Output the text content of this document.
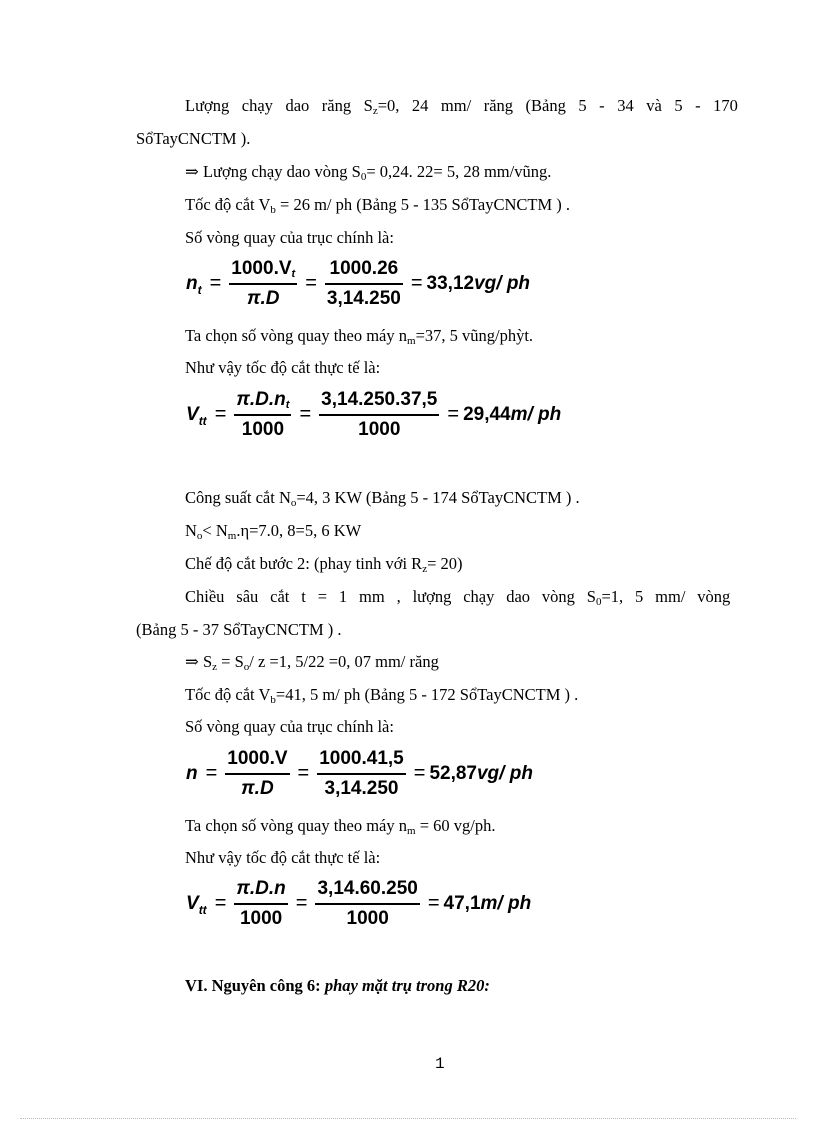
Lượng chạy dao răng $S_z=0$, 24 mm/ răng (Bảng 5 - 34 và 5 - 170
SổTayCNCTM ).
⇒ Lượng chạy dao vòng $S_0= 0,24$. 22= 5, 28 mm/vũng.
Tốc độ cắt $V_b = 26$ m/ ph (Bảng 5 - 135 SổTayCNCTM ) .
Số vòng quay của trục chính là:
$n_t = \frac{1000.V_t}{\pi.D} = \frac{1000.26}{3,14.250} = 33,12$ vg/ ph
Ta chọn số vòng quay theo máy $n_m=37$, 5 vũng/phỳt.
Như vậy tốc độ cắt thực tế là:
$V_{tt} = \frac{\pi.D.n_t}{1000} = \frac{3,14.250.37,5}{1000} = 29,44$ m/ ph
Công suất cắt $N_o=4$, 3 KW (Bảng 5 - 174 SổTayCNCTM ) .
$N_o< N_m.\eta=7.0$, 8=5, 6 KW
Chế độ cắt bước 2: (phay tinh với $R_z= 20$)
Chiều sâu cắt t = 1 mm , lượng chạy dao vòng $S_0=1$, 5 mm/ vòng
(Bảng 5 - 37 SổTayCNCTM ) .
⇒ $S_z = S_o/$ z =1, 5/22 =0, 07 mm/ răng
Tốc độ cắt $V_b=41$, 5 m/ ph (Bảng 5 - 172 SổTayCNCTM ) .
Số vòng quay của trục chính là:
$n = \frac{1000.V}{\pi.D} = \frac{1000.41,5}{3,14.250} = 52,87$ vg/ ph
Ta chọn số vòng quay theo máy $n_m = 60$ vg/ph.
Như vậy tốc độ cắt thực tế là:
$V_{tt} = \frac{\pi.D.n}{1000} = \frac{3,14.60.250}{1000} = 47,1$ m/ ph
VI. Nguyên công 6: phay mặt trụ trong R20:
1
